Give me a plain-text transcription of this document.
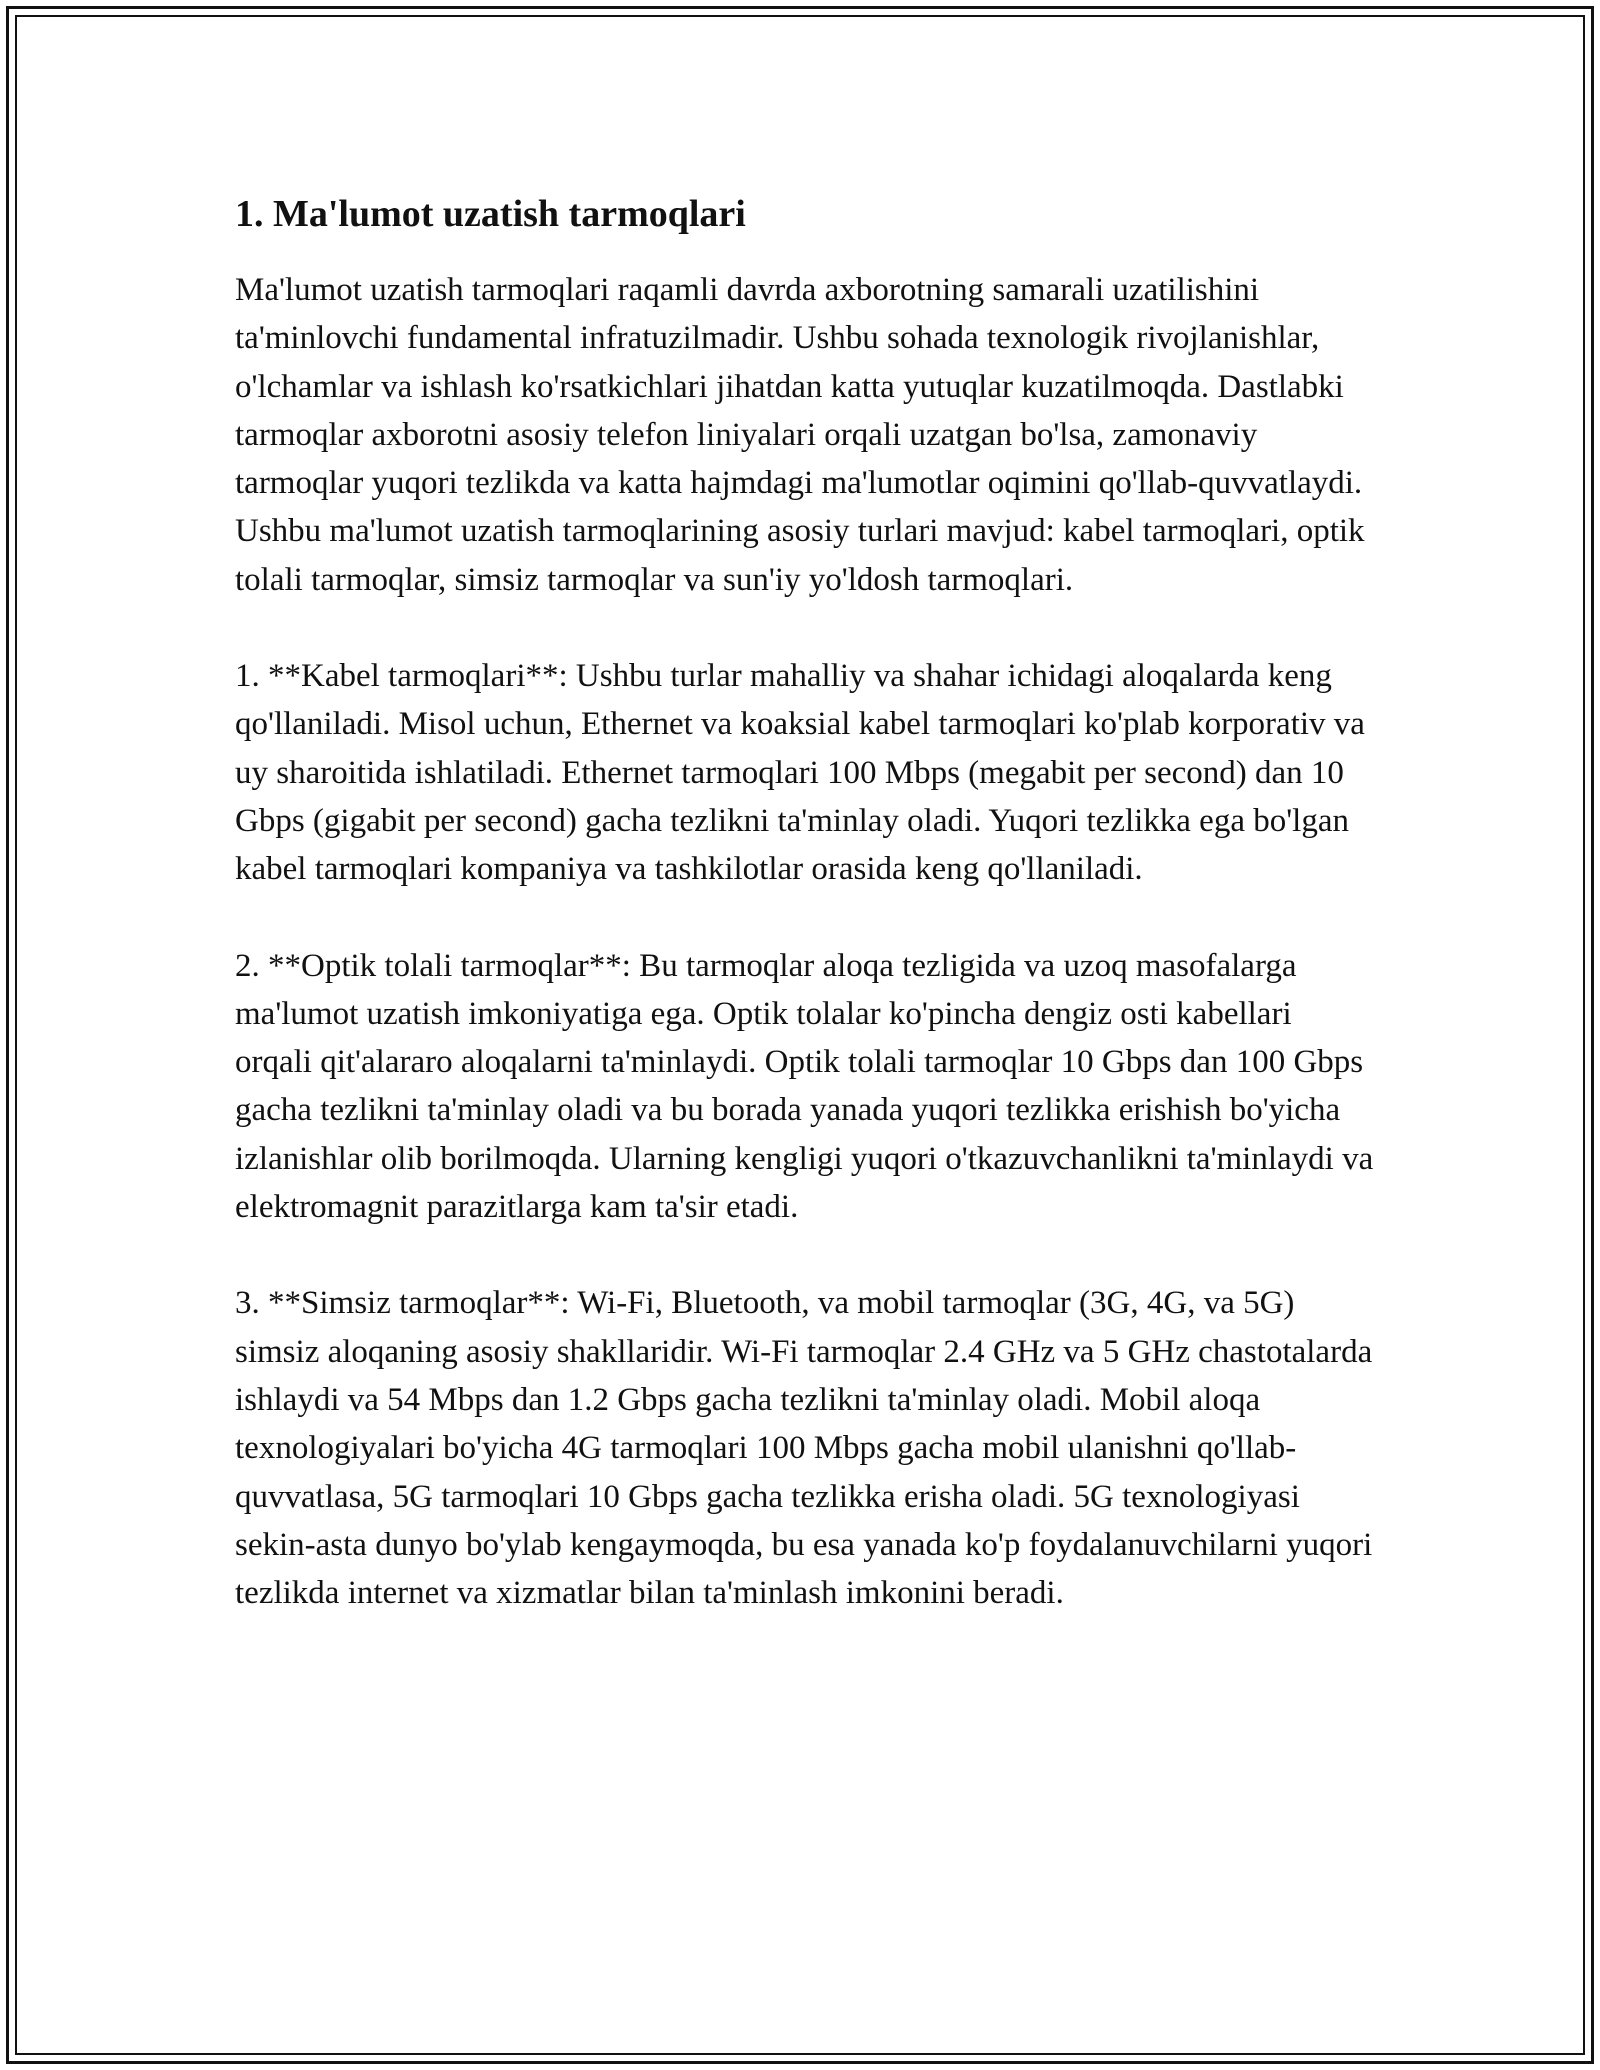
1. Ma'lumot uzatish tarmoqlari

Ma'lumot uzatish tarmoqlari raqamli davrda axborotning samarali uzatilishini ta'minlovchi fundamental infratuzilmadir. Ushbu sohada texnologik rivojlanishlar, o'lchamlar va ishlash ko'rsatkichlari jihatdan katta yutuqlar kuzatilmoqda. Dastlabki tarmoqlar axborotni asosiy telefon liniyalari orqali uzatgan bo'lsa, zamonaviy tarmoqlar yuqori tezlikda va katta hajmdagi ma'lumotlar oqimini qo'llab-quvvatlaydi. Ushbu ma'lumot uzatish tarmoqlarining asosiy turlari mavjud: kabel tarmoqlari, optik tolali tarmoqlar, simsiz tarmoqlar va sun'iy yo'ldosh tarmoqlari.

1. **Kabel tarmoqlari**: Ushbu turlar mahalliy va shahar ichidagi aloqalarda keng qo'llaniladi. Misol uchun, Ethernet va koaksial kabel tarmoqlari ko'plab korporativ va uy sharoitida ishlatiladi. Ethernet tarmoqlari 100 Mbps (megabit per second) dan 10 Gbps (gigabit per second) gacha tezlikni ta'minlay oladi. Yuqori tezlikka ega bo'lgan kabel tarmoqlari kompaniya va tashkilotlar orasida keng qo'llaniladi.

2. **Optik tolali tarmoqlar**: Bu tarmoqlar aloqa tezligida va uzoq masofalarga ma'lumot uzatish imkoniyatiga ega. Optik tolalar ko'pincha dengiz osti kabellari orqali qit'alararo aloqalarni ta'minlaydi. Optik tolali tarmoqlar 10 Gbps dan 100 Gbps gacha tezlikni ta'minlay oladi va bu borada yanada yuqori tezlikka erishish bo'yicha izlanishlar olib borilmoqda. Ularning kengligi yuqori o'tkazuvchanlikni ta'minlaydi va elektromagnit parazitlarga kam ta'sir etadi.

3. **Simsiz tarmoqlar**: Wi-Fi, Bluetooth, va mobil tarmoqlar (3G, 4G, va 5G) simsiz aloqaning asosiy shakllaridir. Wi-Fi tarmoqlar 2.4 GHz va 5 GHz chastotalarda ishlaydi va 54 Mbps dan 1.2 Gbps gacha tezlikni ta'minlay oladi. Mobil aloqa texnologiyalari bo'yicha 4G tarmoqlari 100 Mbps gacha mobil ulanishni qo'llab-quvvatlasa, 5G tarmoqlari 10 Gbps gacha tezlikka erisha oladi. 5G texnologiyasi sekin-asta dunyo bo'ylab kengaymoqda, bu esa yanada ko'p foydalanuvchilarni yuqori tezlikda internet va xizmatlar bilan ta'minlash imkonini beradi.
